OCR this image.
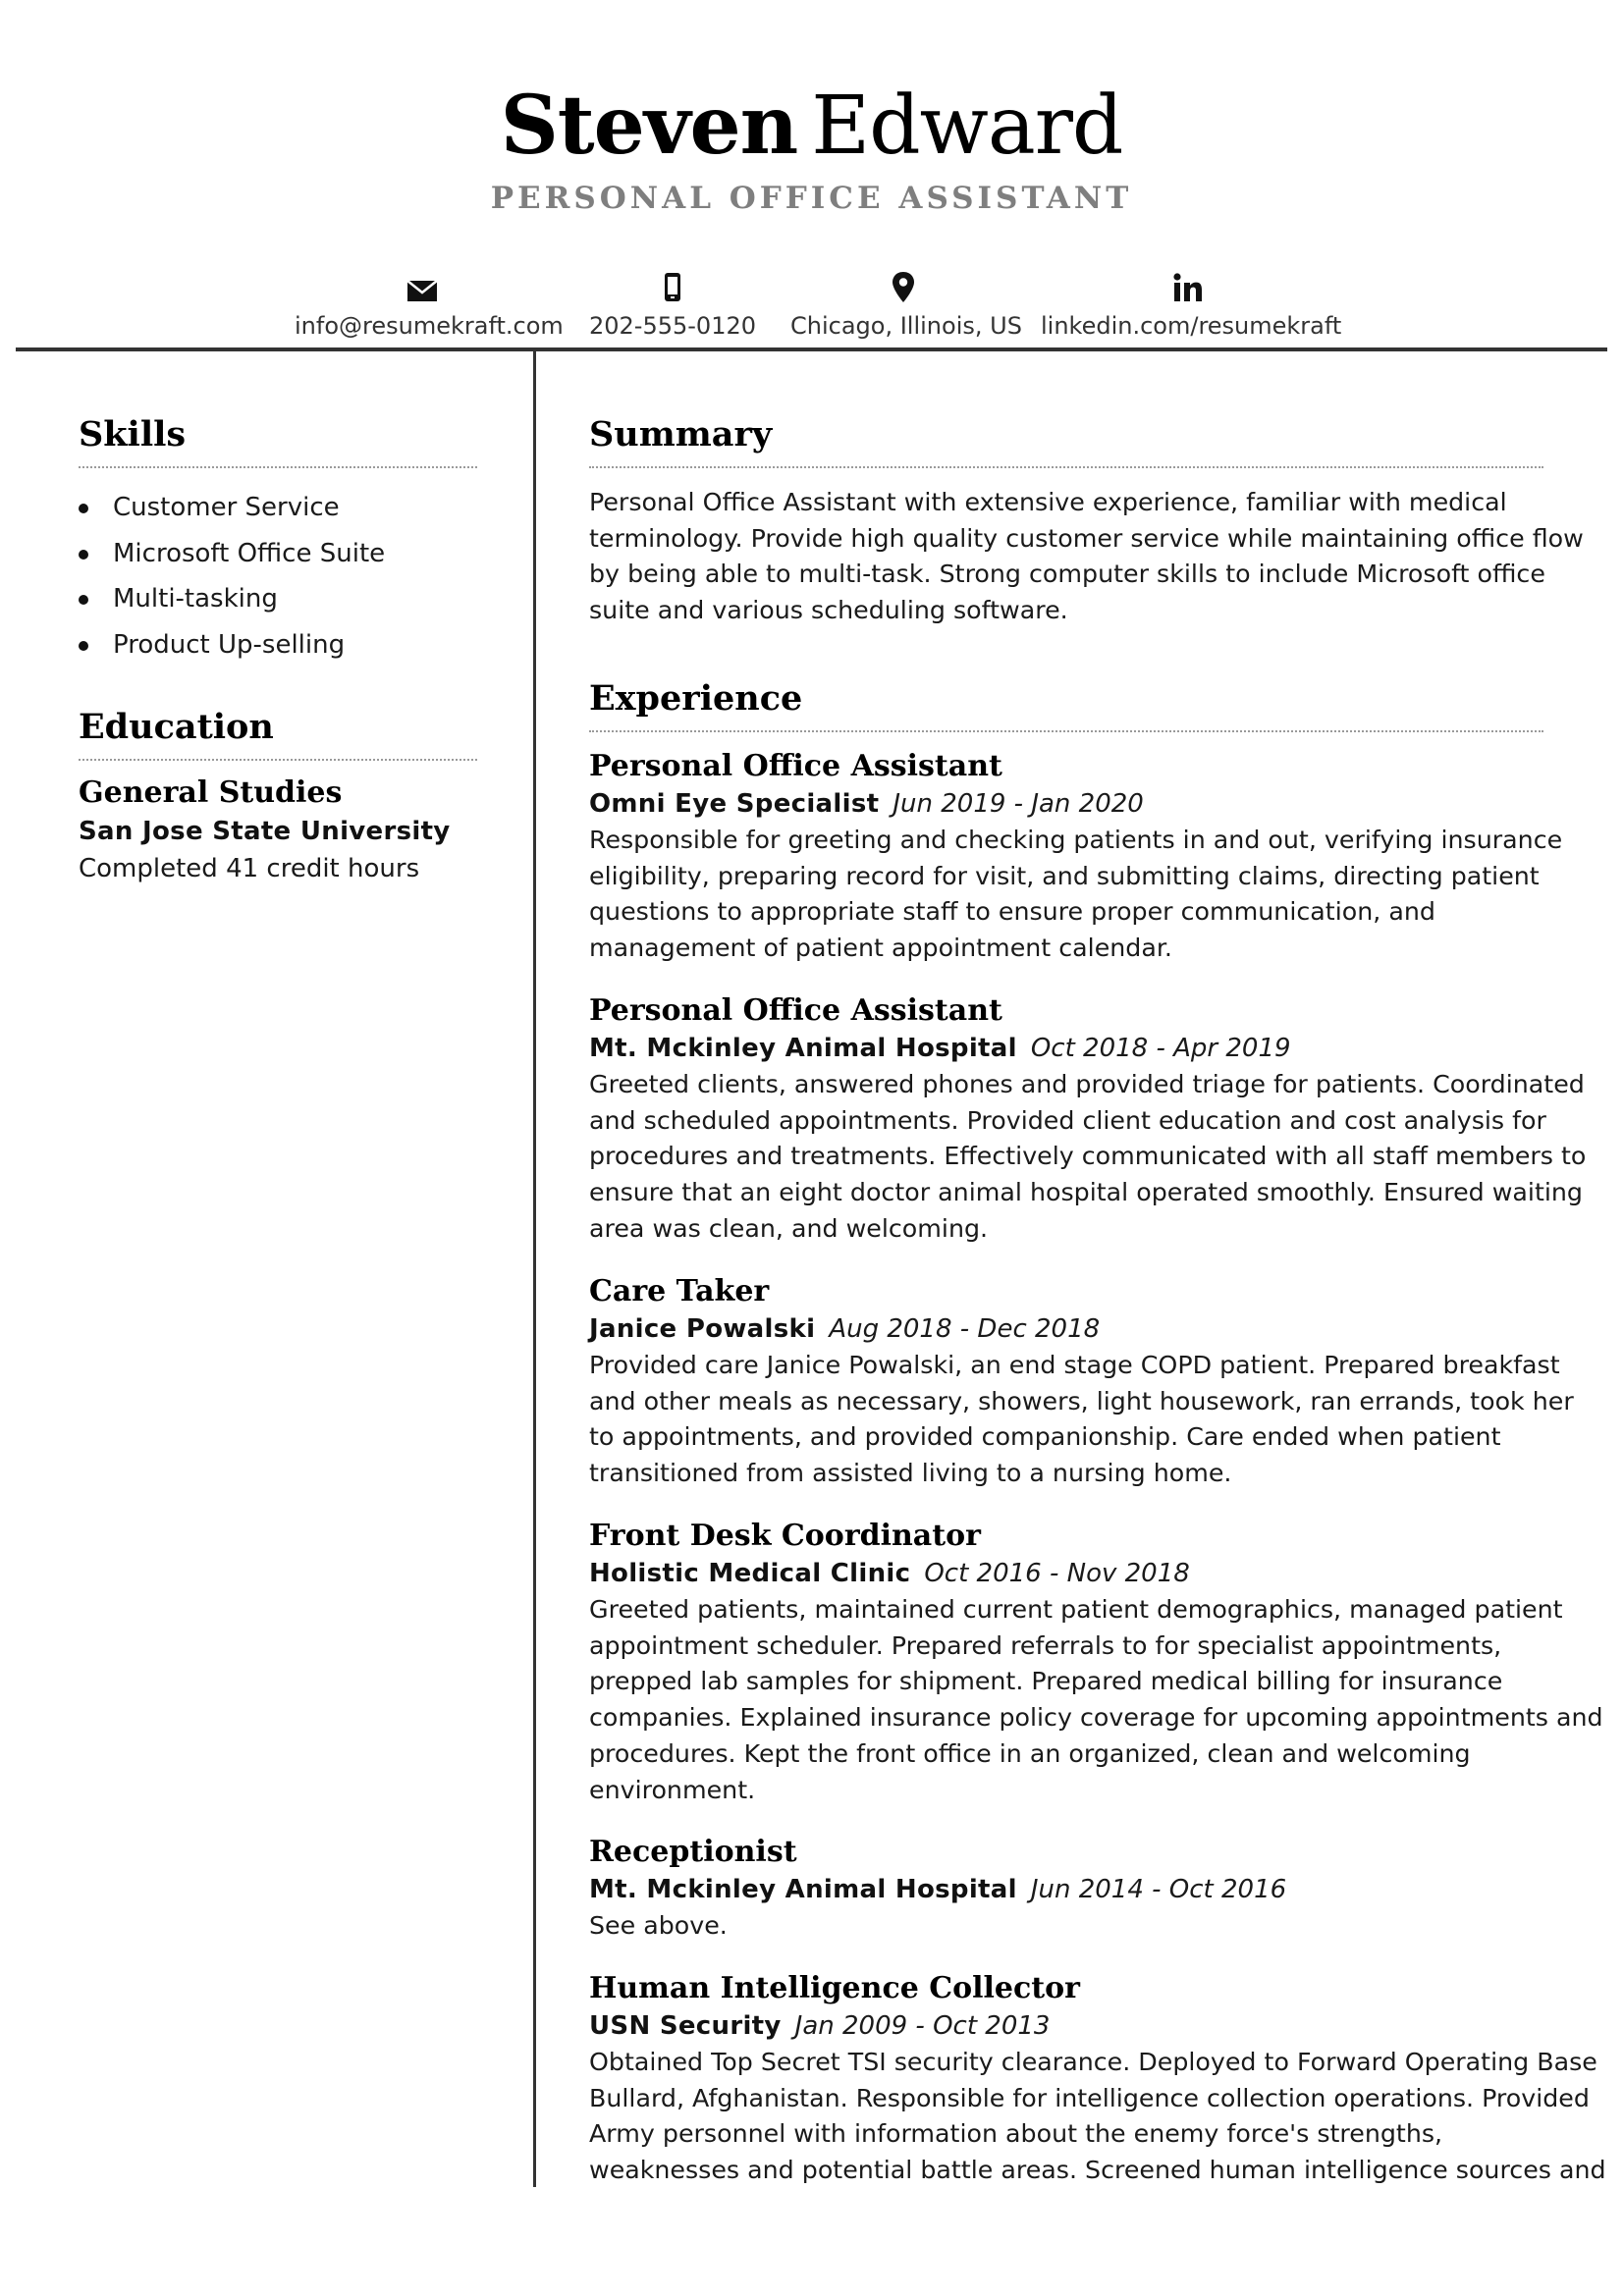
Steven Edward
PERSONAL OFFICE ASSISTANT
info@resumekraft.com	202-555-0120	Chicago, Illinois, US linkedin.com/resumekraft
Skills
Customer Service
Microsoft Office Suite
Multi-tasking
Product Up-selling
Education
General Studies
San Jose State University
Completed 41 credit hours
Summary
Personal Office Assistant with extensive experience, familiar with medical
terminology. Provide high quality customer service while maintaining office flow
by being able to multi-task. Strong computer skills to include Microsoft office
suite and various scheduling software.
Experience
Personal Office Assistant
Omni Eye Specialist Jun 2019 - Jan 2020
Responsible for greeting and checking patients in and out, verifying insurance
eligibility, preparing record for visit, and submitting claims, directing patient
questions to appropriate staff to ensure proper communication, and
management of patient appointment calendar.
Personal Office Assistant
Mt. Mckinley Animal Hospital Oct 2018 - Apr 2019
Greeted clients, answered phones and provided triage for patients. Coordinated
and scheduled appointments. Provided client education and cost analysis for
procedures and treatments. Effectively communicated with all staff members to
ensure that an eight doctor animal hospital operated smoothly. Ensured waiting
area was clean, and welcoming.
Care Taker
Janice Powalski Aug 2018 - Dec 2018
Provided care Janice Powalski, an end stage COPD patient. Prepared breakfast
and other meals as necessary, showers, light housework, ran errands, took her
to appointments, and provided companionship. Care ended when patient
transitioned from assisted living to a nursing home.
Front Desk Coordinator
Holistic Medical Clinic Oct 2016 - Nov 2018
Greeted patients, maintained current patient demographics, managed patient
appointment scheduler. Prepared referrals to for specialist appointments,
prepped lab samples for shipment. Prepared medical billing for insurance
companies. Explained insurance policy coverage for upcoming appointments and
procedures. Kept the front office in an organized, clean and welcoming
environment.
Receptionist
Mt. Mckinley Animal Hospital Jun 2014 - Oct 2016
See above.
Human Intelligence Collector
USN Security Jan 2009 - Oct 2013
Obtained Top Secret TSI security clearance. Deployed to Forward Operating Base
Bullard, Afghanistan. Responsible for intelligence collection operations. Provided
Army personnel with information about the enemy force's strengths,
weaknesses and potential battle areas. Screened human intelligence sources and
